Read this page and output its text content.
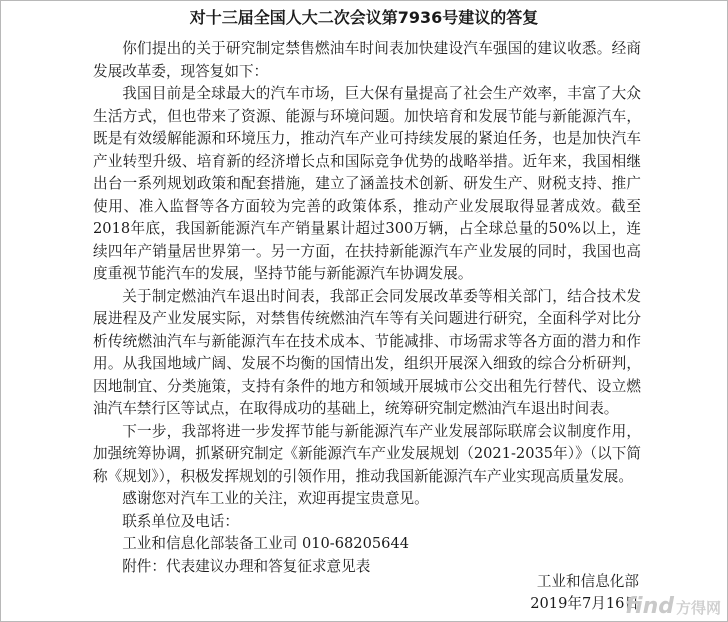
对十三届全国人大二次会议第7936号建议的答复

你们提出的关于研究制定禁售燃油车时间表加快建设汽车强国的建议收悉。经商发展改革委，现答复如下：

我国目前是全球最大的汽车市场，巨大保有量提高了社会生产效率，丰富了大众生活方式，但也带来了资源、能源与环境问题。加快培育和发展节能与新能源汽车，既是有效缓解能源和环境压力，推动汽车产业可持续发展的紧迫任务，也是加快汽车产业转型升级、培育新的经济增长点和国际竞争优势的战略举措。近年来，我国相继出台一系列规划政策和配套措施，建立了涵盖技术创新、研发生产、财税支持、推广使用、准入监督等各方面较为完善的政策体系，推动产业发展取得显著成效。截至2018年底，我国新能源汽车产销量累计超过300万辆，占全球总量的50%以上，连续四年产销量居世界第一。另一方面，在扶持新能源汽车产业发展的同时，我国也高度重视节能汽车的发展，坚持节能与新能源汽车协调发展。

关于制定燃油汽车退出时间表，我部正会同发展改革委等相关部门，结合技术发展进程及产业发展实际，对禁售传统燃油汽车等有关问题进行研究，全面科学对比分析传统燃油汽车与新能源汽车在技术成本、节能减排、市场需求等各方面的潜力和作用。从我国地域广阔、发展不均衡的国情出发，组织开展深入细致的综合分析研判，因地制宜、分类施策，支持有条件的地方和领域开展城市公交出租先行替代、设立燃油汽车禁行区等试点，在取得成功的基础上，统筹研究制定燃油汽车退出时间表。

下一步，我部将进一步发挥节能与新能源汽车产业发展部际联席会议制度作用，加强统筹协调，抓紧研究制定《新能源汽车产业发展规划（2021-2035年）》（以下简称《规划》），积极发挥规划的引领作用，推动我国新能源汽车产业实现高质量发展。

感谢您对汽车工业的关注，欢迎再提宝贵意见。

联系单位及电话：

工业和信息化部装备工业司 010-68205644

附件：代表建议办理和答复征求意见表

工业和信息化部
2019年7月16日
find 方得网
